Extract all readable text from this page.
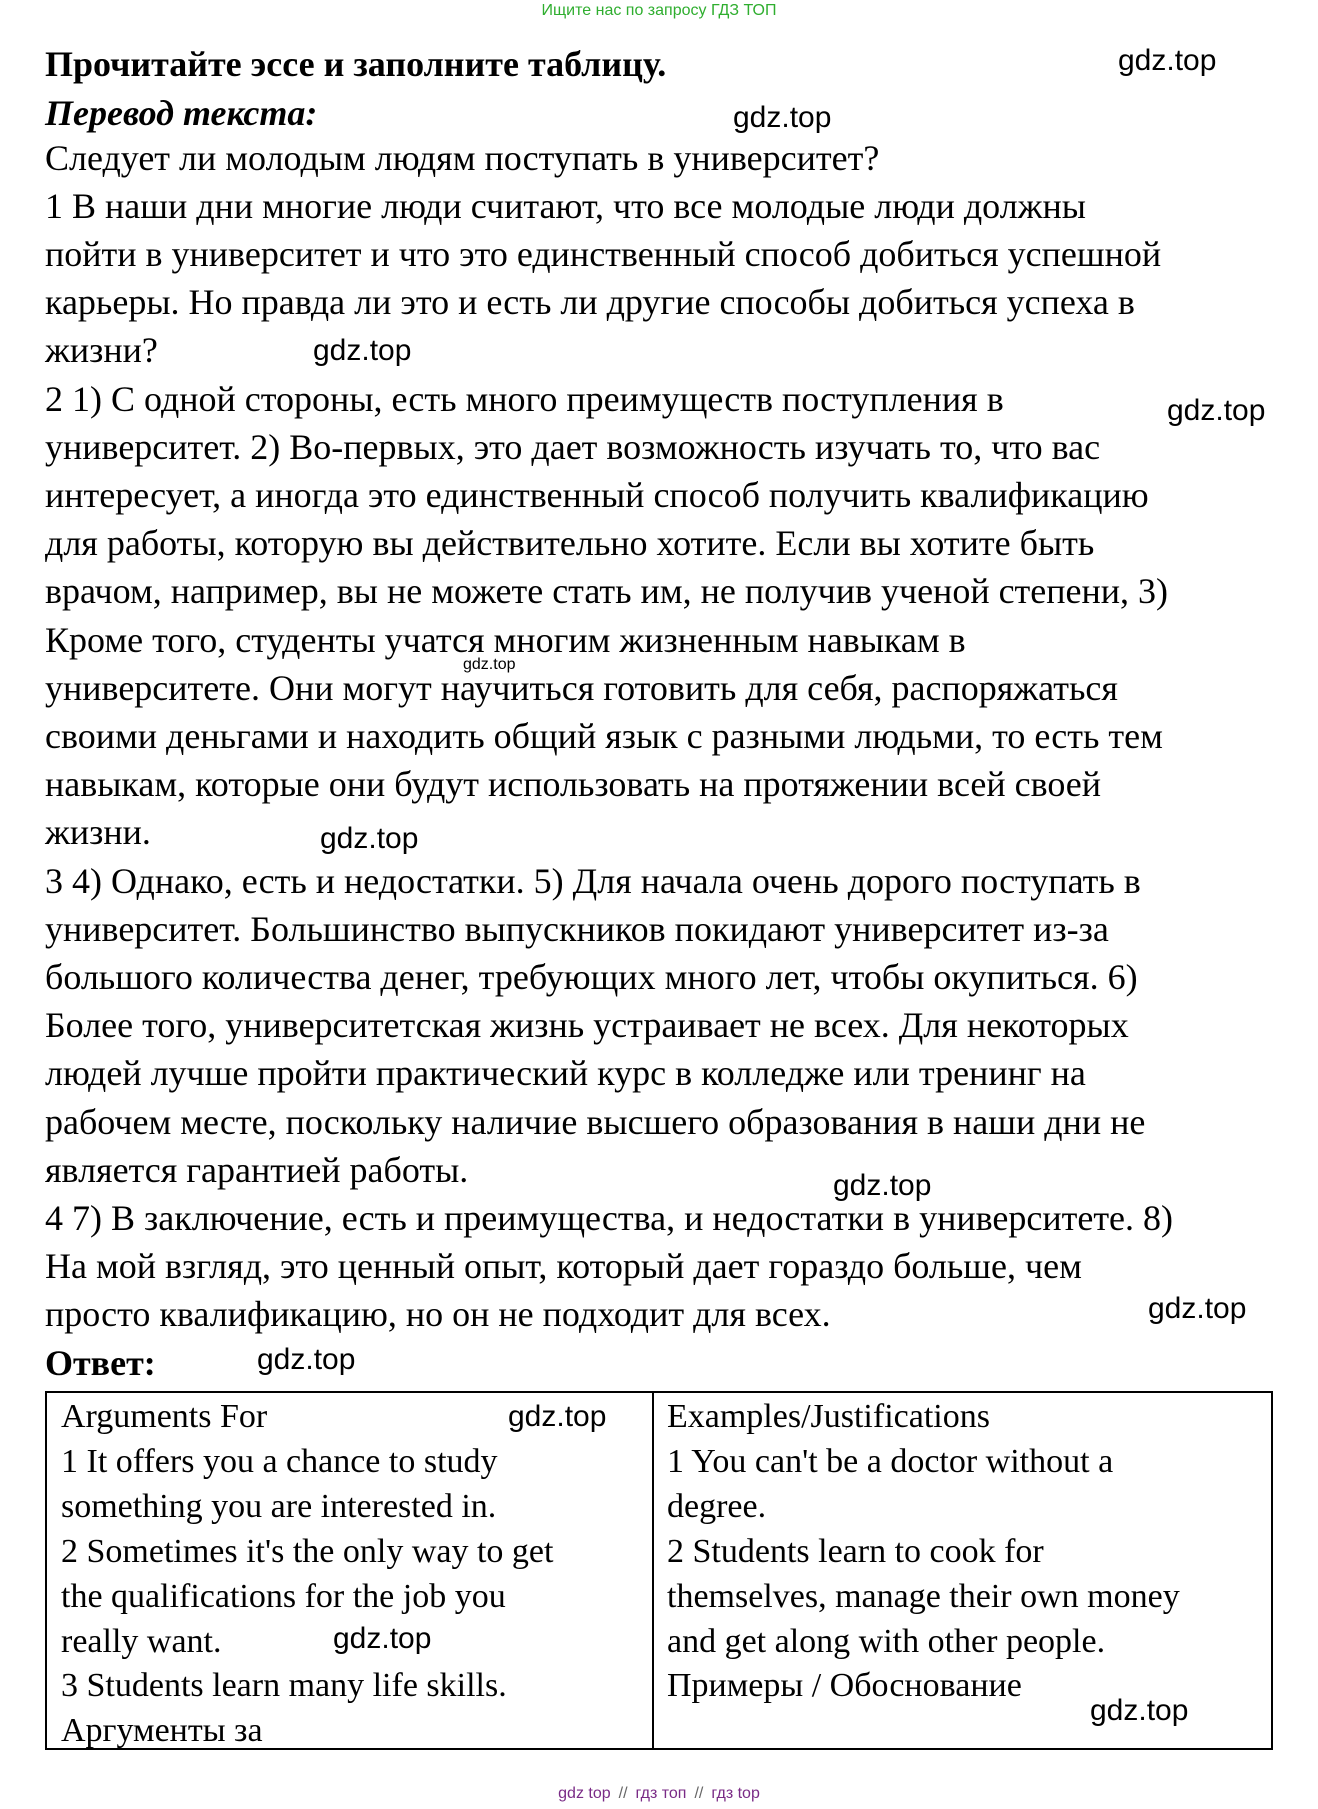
Ищите нас по запросу ГДЗ ТОП
Прочитайте эссе и заполните таблицу.
Перевод текста:
Следует ли молодым людям поступать в университет?
1 В наши дни многие люди считают, что все молодые люди должны
пойти в университет и что это единственный способ добиться успешной
карьеры. Но правда ли это и есть ли другие способы добиться успеха в
жизни?
2 1) С одной стороны, есть много преимуществ поступления в
университет. 2) Во-первых, это дает возможность изучать то, что вас
интересует, а иногда это единственный способ получить квалификацию
для работы, которую вы действительно хотите. Если вы хотите быть
врачом, например, вы не можете стать им, не получив ученой степени, 3)
Кроме того, студенты учатся многим жизненным навыкам в
университете. Они могут научиться готовить для себя, распоряжаться
своими деньгами и находить общий язык с разными людьми, то есть тем
навыкам, которые они будут использовать на протяжении всей своей
жизни.
3 4) Однако, есть и недостатки. 5) Для начала очень дорого поступать в
университет. Большинство выпускников покидают университет из-за
большого количества денег, требующих много лет, чтобы окупиться. 6)
Более того, университетская жизнь устраивает не всех. Для некоторых
людей лучше пройти практический курс в колледже или тренинг на
рабочем месте, поскольку наличие высшего образования в наши дни не
является гарантией работы.
4 7) В заключение, есть и преимущества, и недостатки в университете. 8)
На мой взгляд, это ценный опыт, который дает гораздо больше, чем
просто квалификацию, но он не подходит для всех.
Ответ:
Arguments For
1 It offers you a chance to study
something you are interested in.
2 Sometimes it's the only way to get
the qualifications for the job you
really want.
3 Students learn many life skills.
Аргументы за
Examples/Justifications
1 You can't be a doctor without a
degree.
2 Students learn to cook for
themselves, manage their own money
and get along with other people.
Примеры / Обоснование
gdz.top
gdz.top
gdz.top
gdz.top
gdz.top
gdz.top
gdz.top
gdz.top
gdz.top
gdz.top
gdz.top
gdz.top
gdz top // гдз топ // гдз top
